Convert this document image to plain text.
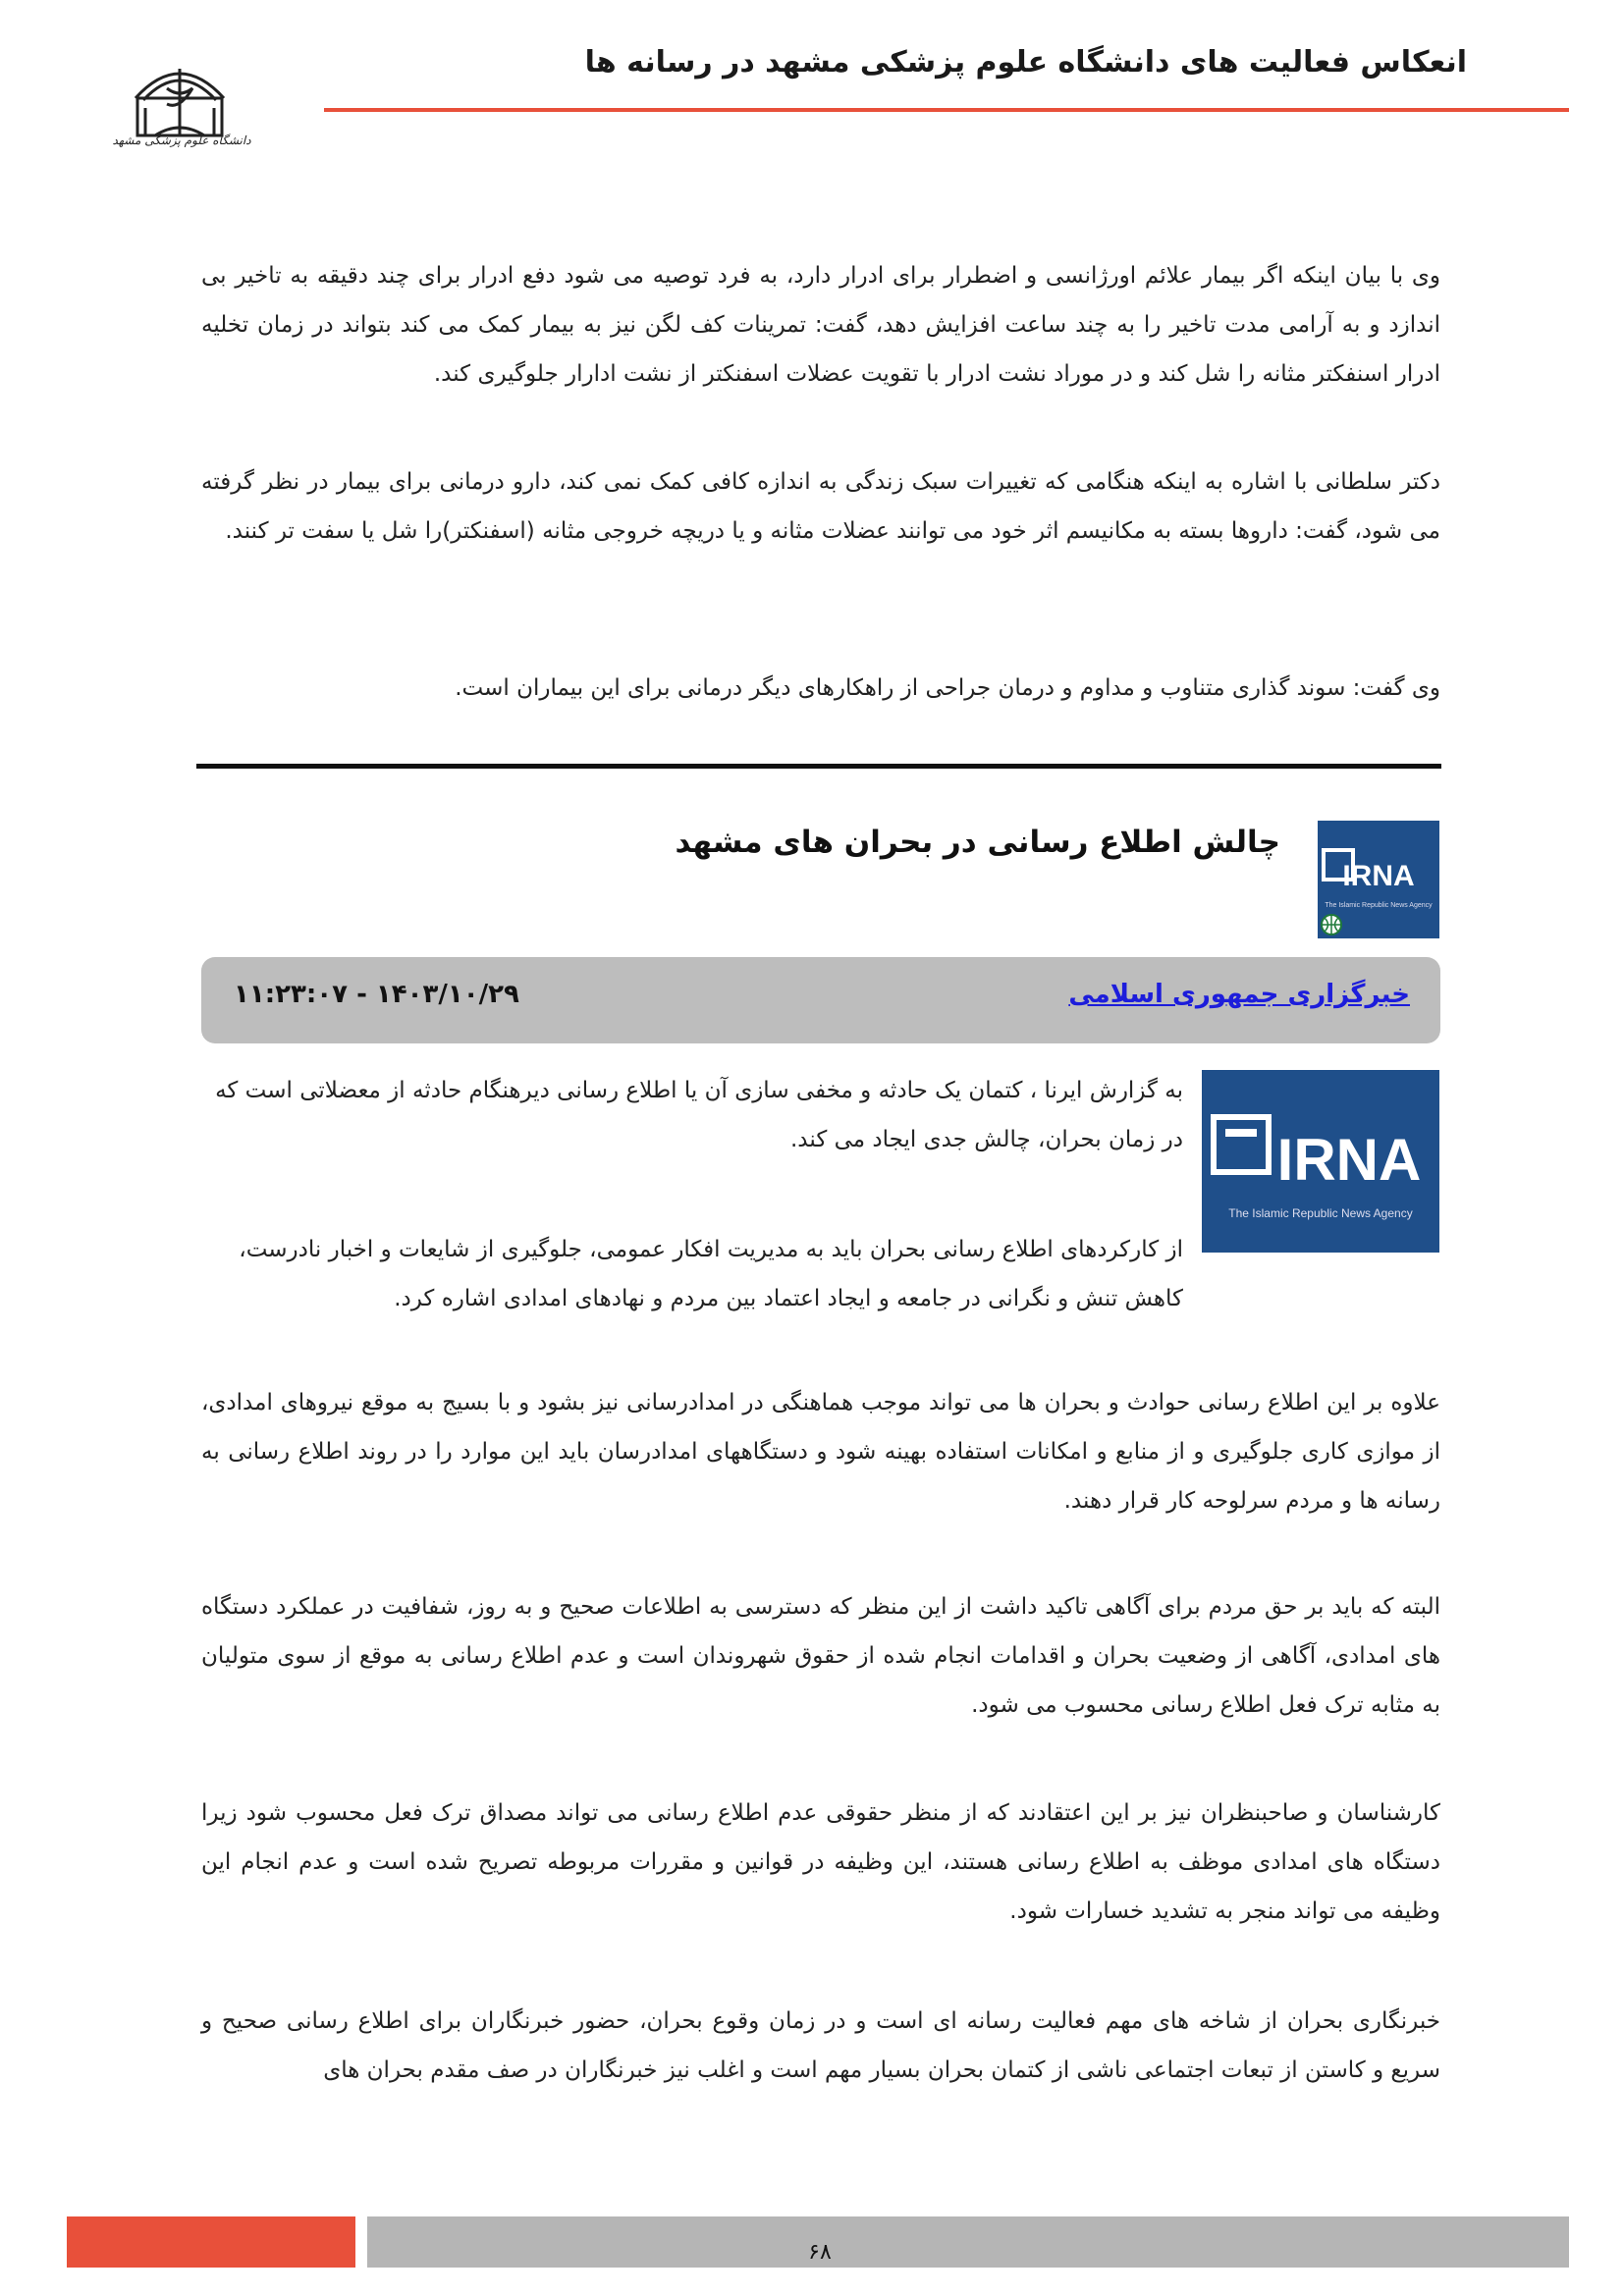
انعکاس فعالیت های دانشگاه علوم پزشکی مشهد در رسانه ها
دانشگاه علوم پزشکی مشهد
وی با بیان اینکه اگر بیمار علائم اورژانسی و اضطرار برای ادرار دارد، به فرد توصیه می شود دفع ادرار برای چند دقیقه به تاخیر بی اندازد و به آرامی مدت تاخیر را به چند ساعت افزایش دهد، گفت: تمرینات کف لگن نیز به بیمار کمک می کند بتواند در زمان تخلیه ادرار اسنفکتر مثانه را شل کند و در موراد نشت ادرار با تقویت عضلات اسفنکتر از نشت ادارار جلوگیری کند.
دکتر سلطانی با اشاره به اینکه هنگامی که تغییرات سبک زندگی به اندازه کافی کمک نمی کند، دارو درمانی برای بیمار در نظر گرفته می شود، گفت: داروها بسته به مکانیسم اثر خود می توانند عضلات مثانه و یا دریچه خروجی مثانه (اسفنکتر)را شل یا سفت تر کنند.
وی گفت: سوند گذاری متناوب و مداوم و درمان جراحی از راهکارهای دیگر درمانی برای این بیماران است.
چالش اطلاع رسانی در بحران های مشهد
IRNA
The Islamic Republic News Agency
خبرگزاری جمهوری اسلامی
۱۴۰۳/۱۰/۲۹ - ۱۱:۲۳:۰۷
IRNA
The Islamic Republic News Agency
به گزارش ایرنا ، کتمان یک حادثه و مخفی سازی آن یا اطلاع رسانی دیرهنگام حادثه از معضلاتی است که در زمان بحران، چالش جدی ایجاد می کند.
از کارکردهای اطلاع رسانی بحران باید به مدیریت افکار عمومی، جلوگیری از شایعات و اخبار نادرست، کاهش تنش و نگرانی در جامعه و ایجاد اعتماد بین مردم و نهادهای امدادی اشاره کرد.
علاوه بر این اطلاع رسانی حوادث و بحران ها می تواند موجب هماهنگی در امدادرسانی نیز بشود و با بسیج به موقع نیروهای امدادی، از موازی کاری جلوگیری و از منابع و امکانات استفاده بهینه شود و دستگاههای امدادرسان باید این موارد را در روند اطلاع رسانی به رسانه ها و مردم سرلوحه کار قرار دهند.
البته که باید بر حق مردم برای آگاهی تاکید داشت از این منظر که دسترسی به اطلاعات صحیح و به روز، شفافیت در عملکرد دستگاه های امدادی، آگاهی از وضعیت بحران و اقدامات انجام شده از حقوق شهروندان است و عدم اطلاع رسانی به موقع از سوی متولیان به مثابه ترک فعل اطلاع رسانی محسوب می شود.
کارشناسان و صاحبنظران نیز بر این اعتقادند که از منظر حقوقی عدم اطلاع رسانی می تواند مصداق ترک فعل محسوب شود زیرا دستگاه های امدادی موظف به اطلاع رسانی هستند، این وظیفه در قوانین و مقررات مربوطه تصریح شده است و عدم انجام این وظیفه می تواند منجر به تشدید خسارات شود.
خبرنگاری بحران از شاخه های مهم فعالیت رسانه ای است و در زمان وقوع بحران، حضور خبرنگاران برای اطلاع رسانی صحیح و سریع و کاستن از تبعات اجتماعی ناشی از کتمان بحران بسیار مهم است و اغلب نیز خبرنگاران در صف مقدم بحران های
۶۸
